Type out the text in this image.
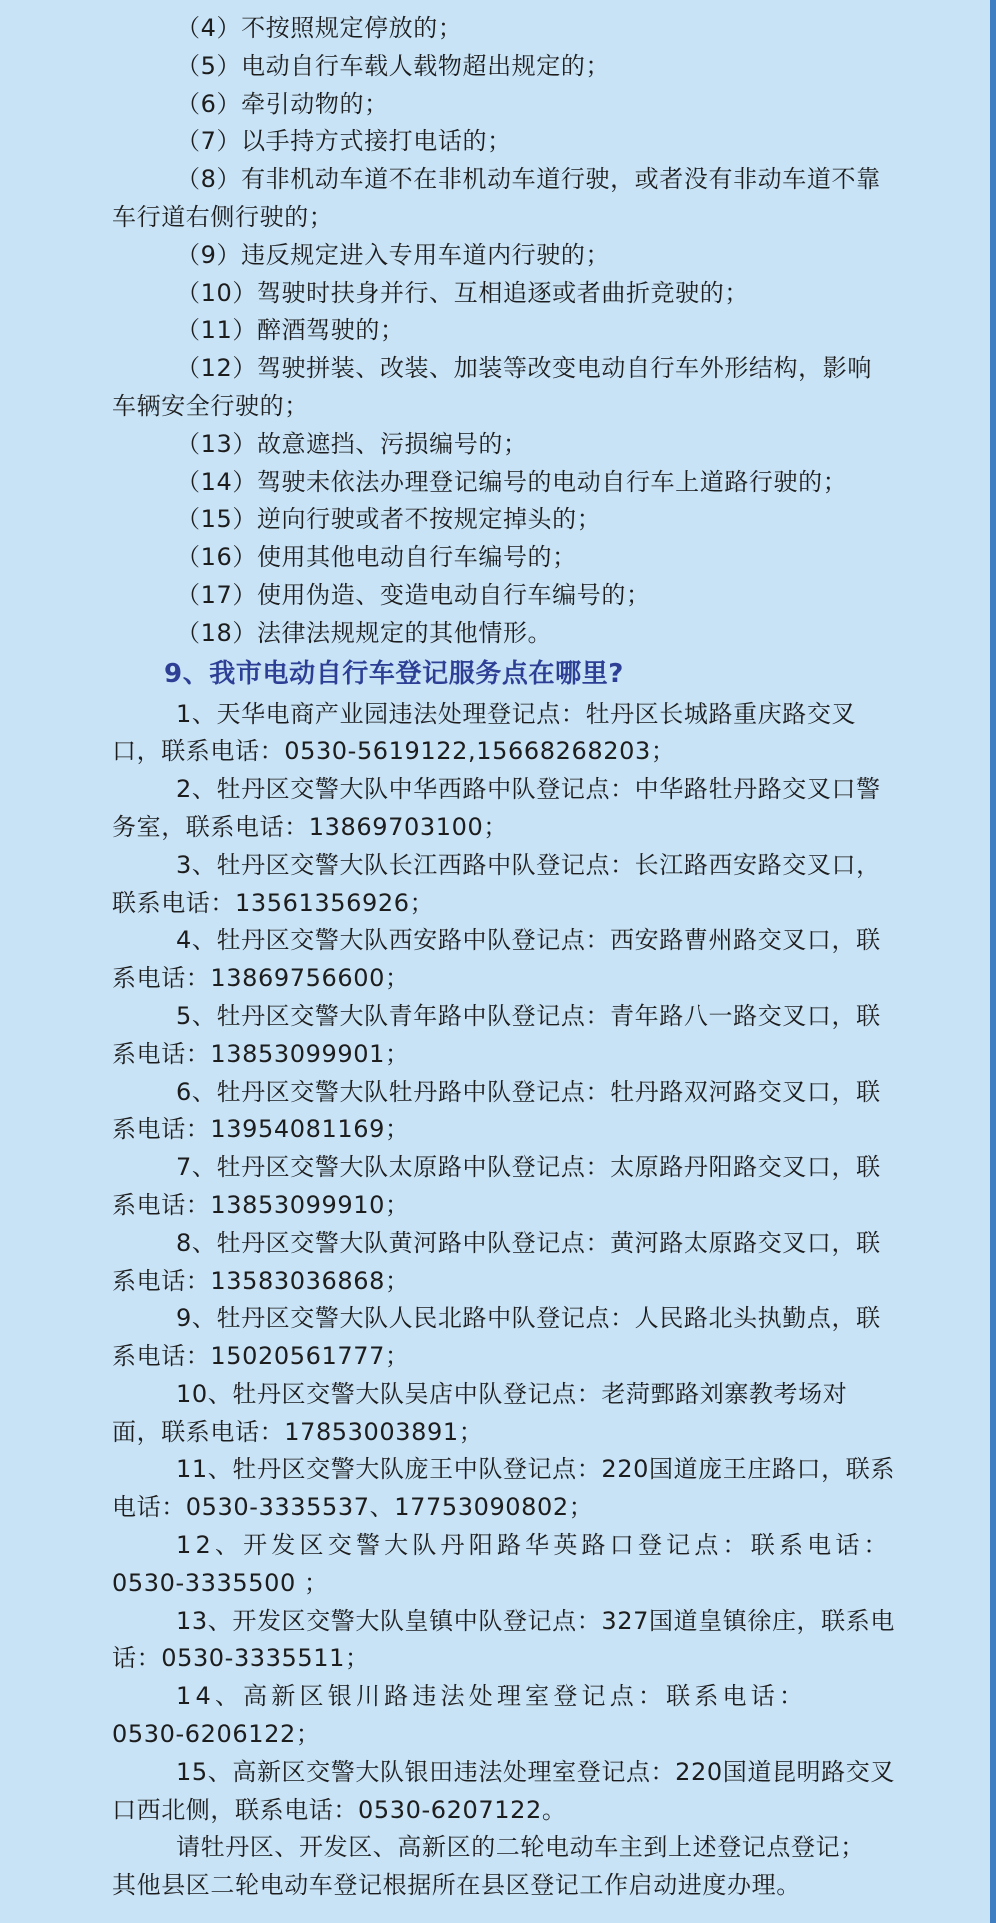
（4）不按照规定停放的；
（5）电动自行车载人载物超出规定的；
（6）牵引动物的；
（7）以手持方式接打电话的；
（8）有非机动车道不在非机动车道行驶，或者没有非动车道不靠
车行道右侧行驶的；
（9）违反规定进入专用车道内行驶的；
（10）驾驶时扶身并行、互相追逐或者曲折竞驶的；
（11）醉酒驾驶的；
（12）驾驶拼装、改装、加装等改变电动自行车外形结构，影响
车辆安全行驶的；
（13）故意遮挡、污损编号的；
（14）驾驶未依法办理登记编号的电动自行车上道路行驶的；
（15）逆向行驶或者不按规定掉头的；
（16）使用其他电动自行车编号的；
（17）使用伪造、变造电动自行车编号的；
（18）法律法规规定的其他情形。
9、我市电动自行车登记服务点在哪里?
1、天华电商产业园违法处理登记点：牡丹区长城路重庆路交叉
口，联系电话：0530-5619122,15668268203；
2、牡丹区交警大队中华西路中队登记点：中华路牡丹路交叉口警
务室，联系电话：13869703100；
3、牡丹区交警大队长江西路中队登记点：长江路西安路交叉口，
联系电话：13561356926；
4、牡丹区交警大队西安路中队登记点：西安路曹州路交叉口，联
系电话：13869756600；
5、牡丹区交警大队青年路中队登记点：青年路八一路交叉口，联
系电话：13853099901；
6、牡丹区交警大队牡丹路中队登记点：牡丹路双河路交叉口，联
系电话：13954081169；
7、牡丹区交警大队太原路中队登记点：太原路丹阳路交叉口，联
系电话：13853099910；
8、牡丹区交警大队黄河路中队登记点：黄河路太原路交叉口，联
系电话：13583036868；
9、牡丹区交警大队人民北路中队登记点：人民路北头执勤点，联
系电话：15020561777；
10、牡丹区交警大队吴店中队登记点：老菏鄄路刘寨教考场对
面，联系电话：17853003891；
11、牡丹区交警大队庞王中队登记点：220国道庞王庄路口，联系
电话：0530-3335537、17753090802；
12、开发区交警大队丹阳路华英路口登记点：联系电话：
0530-3335500 ；
13、开发区交警大队皇镇中队登记点：327国道皇镇徐庄，联系电
话：0530-3335511；
14、高新区银川路违法处理室登记点：联系电话：
0530-6206122；
15、高新区交警大队银田违法处理室登记点：220国道昆明路交叉
口西北侧，联系电话：0530-6207122。
请牡丹区、开发区、高新区的二轮电动车主到上述登记点登记；
其他县区二轮电动车登记根据所在县区登记工作启动进度办理。
